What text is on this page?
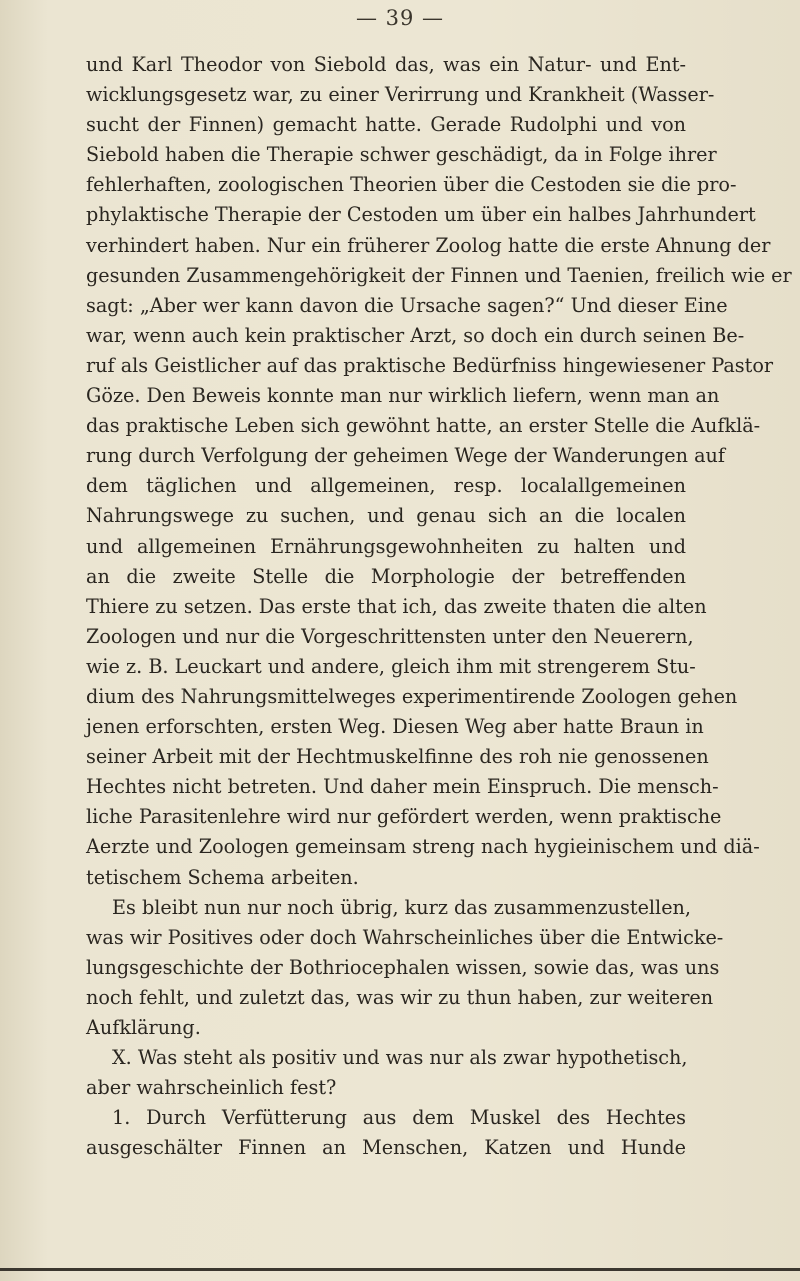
— 39 —
und Karl Theodor von Siebold das, was ein Natur- und Ent-
wicklungsgesetz war, zu einer Verirrung und Krankheit (Wasser-
sucht der Finnen) gemacht hatte. Gerade Rudolphi und von
Siebold haben die Therapie schwer geschädigt, da in Folge ihrer
fehlerhaften, zoologischen Theorien über die Cestoden sie die pro-
phylaktische Therapie der Cestoden um über ein halbes Jahrhundert
verhindert haben. Nur ein früherer Zoolog hatte die erste Ahnung der
gesunden Zusammengehörigkeit der Finnen und Taenien, freilich wie er
sagt: „Aber wer kann davon die Ursache sagen?“ Und dieser Eine
war, wenn auch kein praktischer Arzt, so doch ein durch seinen Be-
ruf als Geistlicher auf das praktische Bedürfniss hingewiesener Pastor
Göze. Den Beweis konnte man nur wirklich liefern, wenn man an
das praktische Leben sich gewöhnt hatte, an erster Stelle die Aufklä-
rung durch Verfolgung der geheimen Wege der Wanderungen auf
dem täglichen und allgemeinen, resp. localallgemeinen
Nahrungswege zu suchen, und genau sich an die localen
und allgemeinen Ernährungsgewohnheiten zu halten und
an die zweite Stelle die Morphologie der betreffenden
Thiere zu setzen. Das erste that ich, das zweite thaten die alten
Zoologen und nur die Vorgeschrittensten unter den Neuerern,
wie z. B. Leuckart und andere, gleich ihm mit strengerem Stu-
dium des Nahrungsmittelweges experimentirende Zoologen gehen
jenen erforschten, ersten Weg. Diesen Weg aber hatte Braun in
seiner Arbeit mit der Hechtmuskelfinne des roh nie genossenen
Hechtes nicht betreten. Und daher mein Einspruch. Die mensch-
liche Parasitenlehre wird nur gefördert werden, wenn praktische
Aerzte und Zoologen gemeinsam streng nach hygieinischem und diä-
tetischem Schema arbeiten.
Es bleibt nun nur noch übrig, kurz das zusammenzustellen,
was wir Positives oder doch Wahrscheinliches über die Entwicke-
lungsgeschichte der Bothriocephalen wissen, sowie das, was uns
noch fehlt, und zuletzt das, was wir zu thun haben, zur weiteren
Aufklärung.
X. Was steht als positiv und was nur als zwar hypothetisch,
aber wahrscheinlich fest?
1. Durch Verfütterung aus dem Muskel des Hechtes
ausgeschälter Finnen an Menschen, Katzen und Hunde
